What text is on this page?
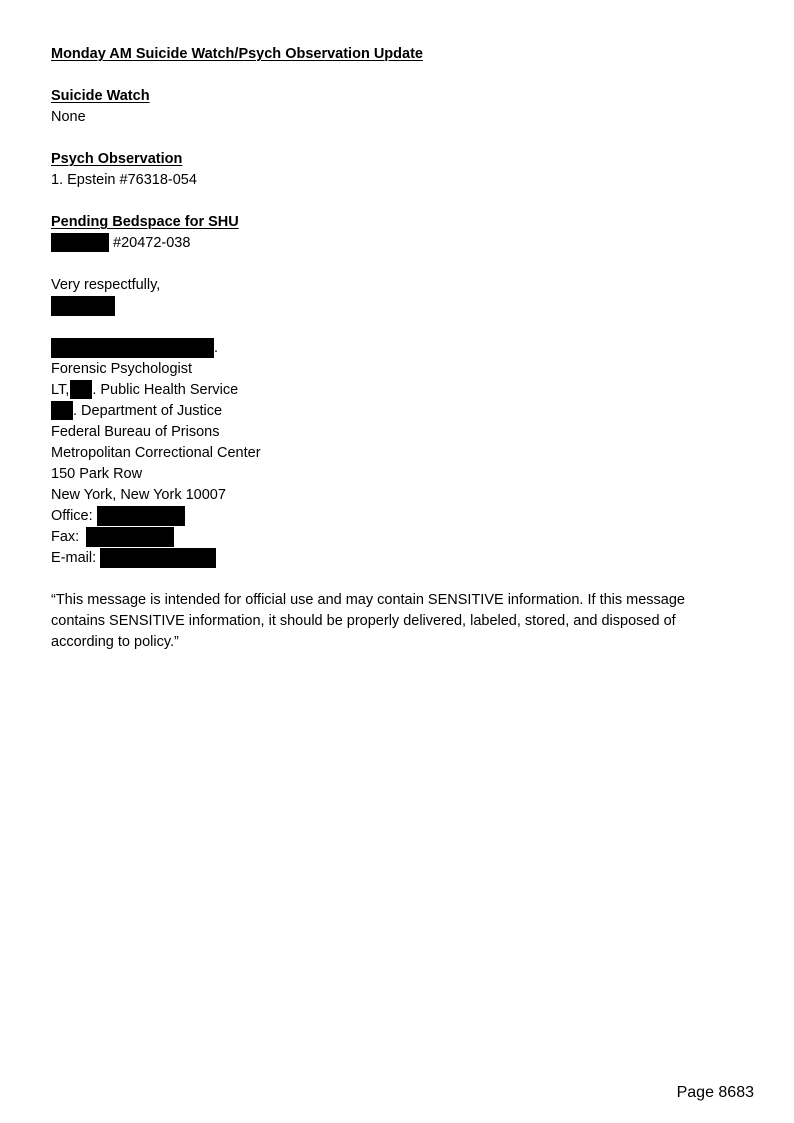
Monday AM Suicide Watch/Psych Observation Update
Suicide Watch
None
Psych Observation
1. Epstein #76318-054
Pending Bedspace for SHU
#20472-038
Very respectfully,
.
Forensic Psychologist
LT, . Public Health Service
. Department of Justice
Federal Bureau of Prisons
Metropolitan Correctional Center
150 Park Row
New York, New York 10007
Office:
Fax:
E-mail:
“This message is intended for official use and may contain SENSITIVE information. If this message contains SENSITIVE information, it should be properly delivered, labeled, stored, and disposed of according to policy.”
Page 8683
